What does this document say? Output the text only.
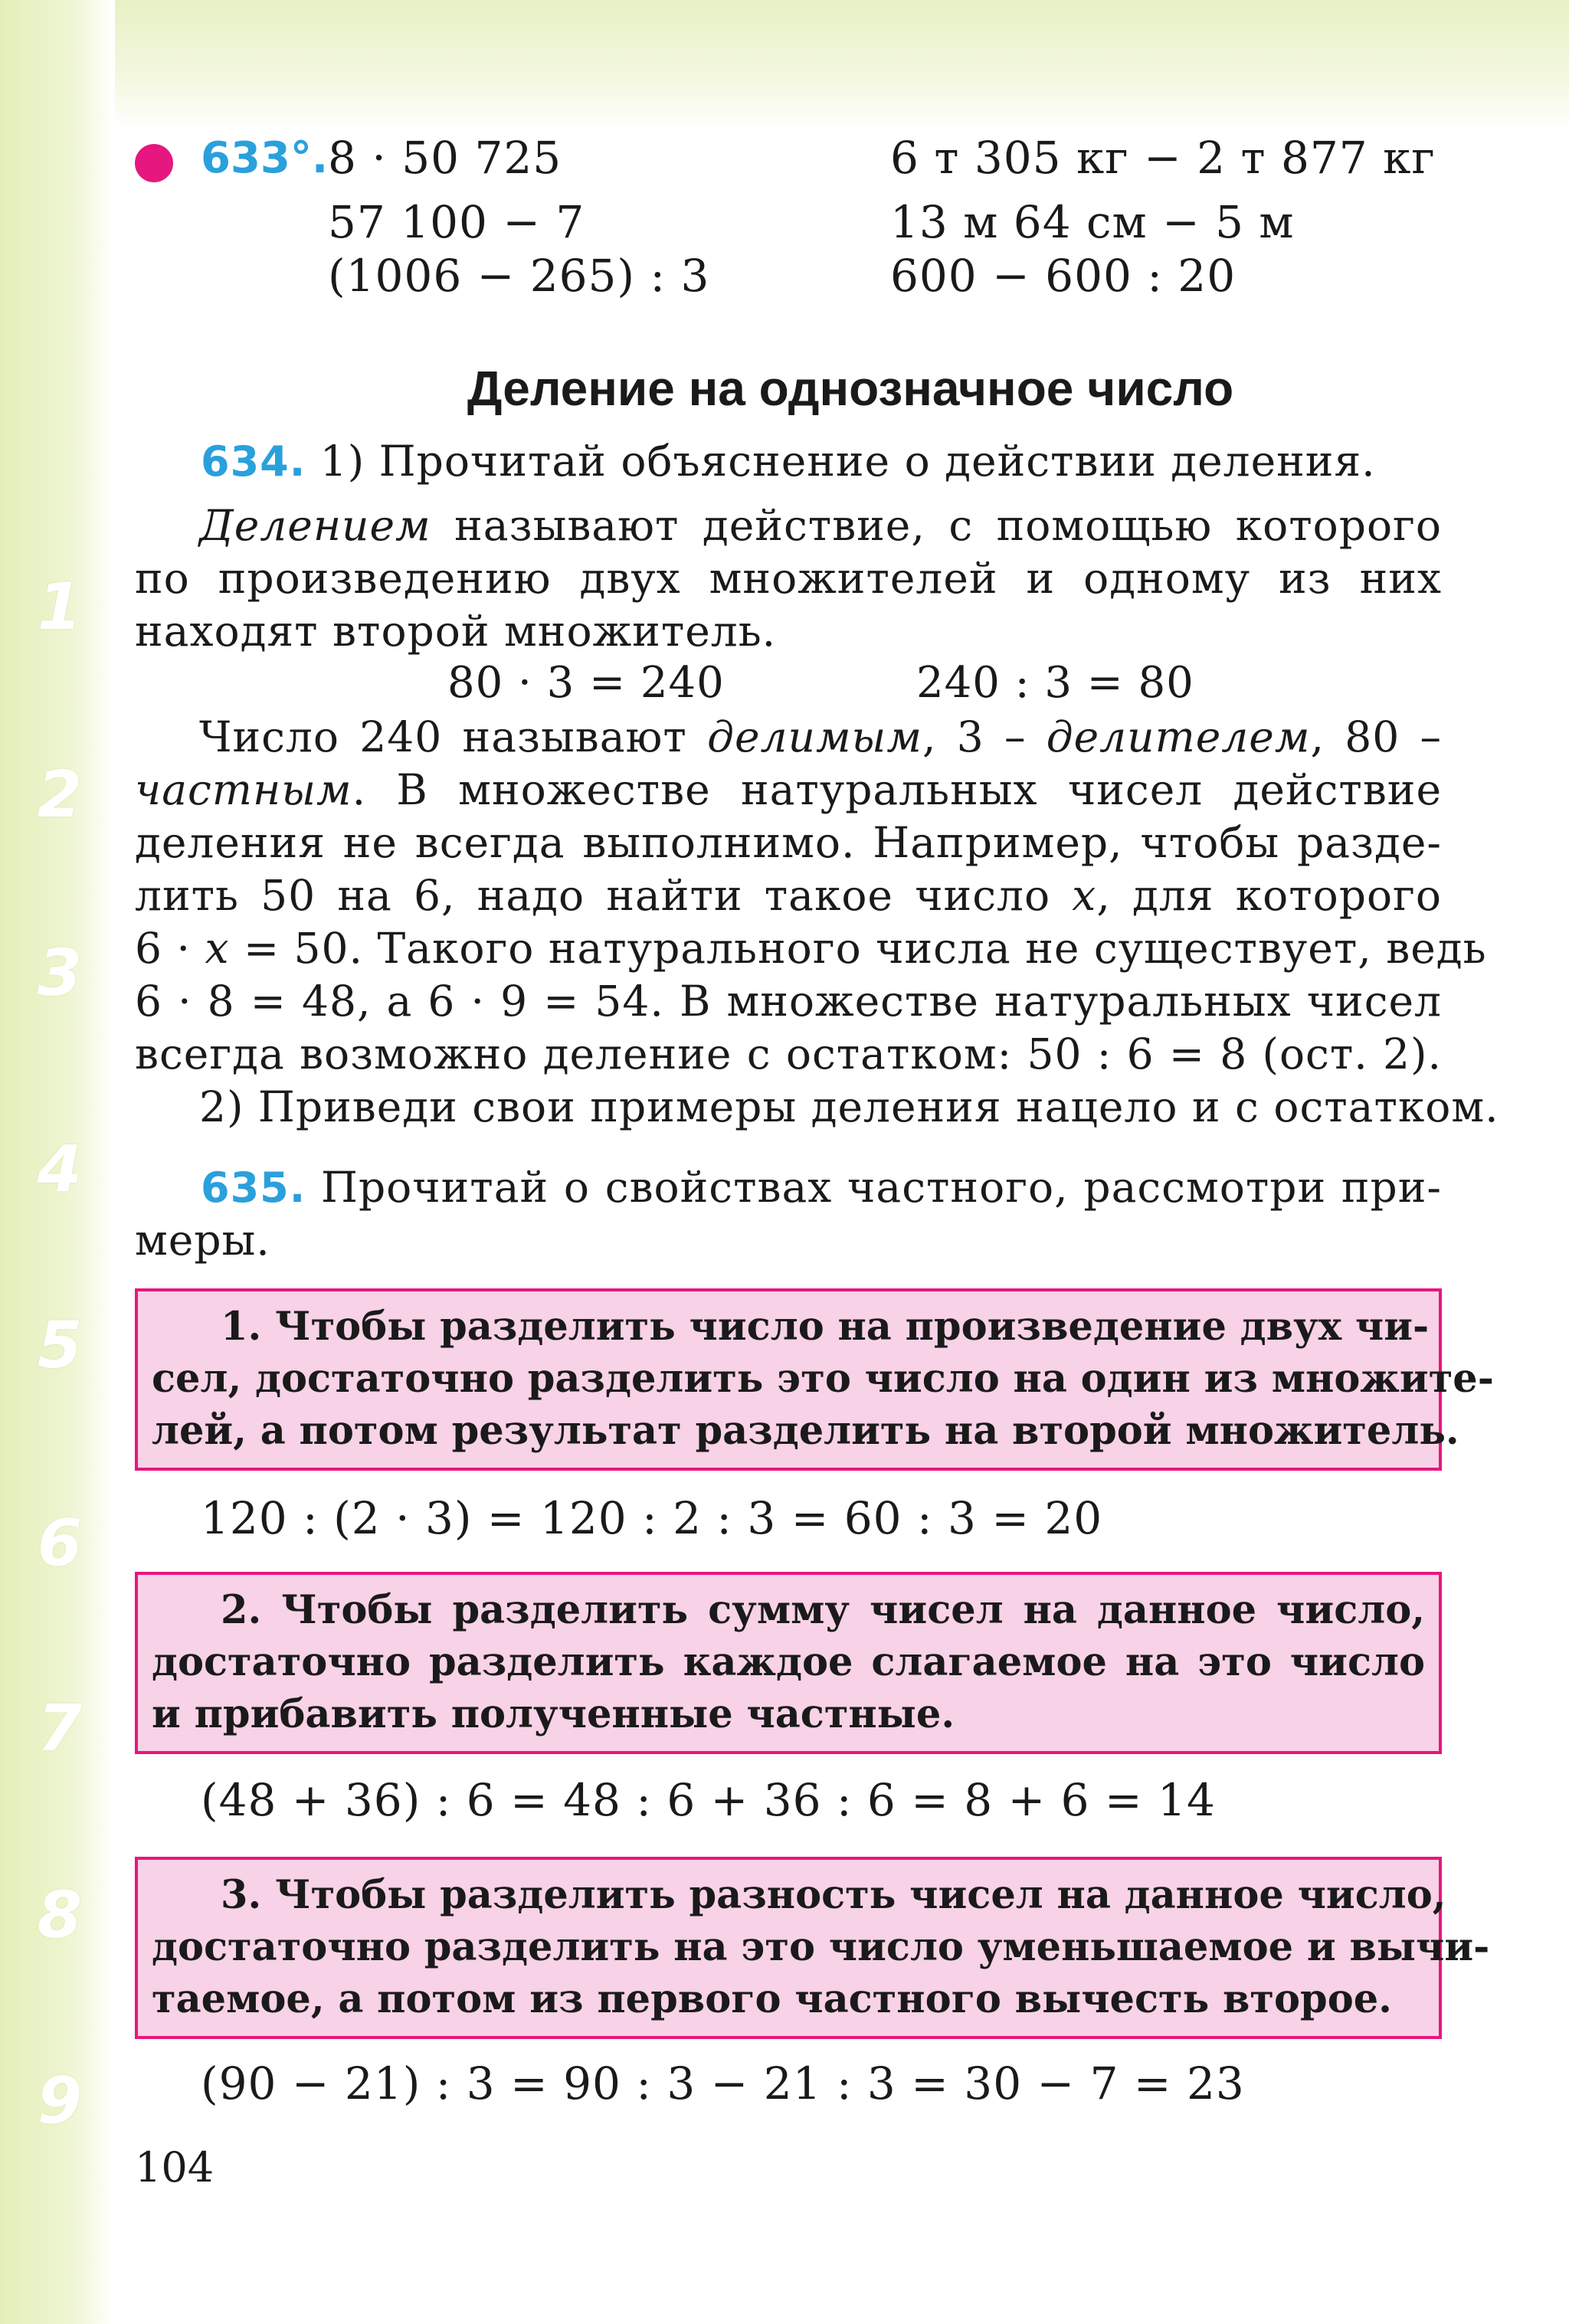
1
2
3
4
5
6
7
8
9
633°. 8 · 50 725
57 100 − 7
(1006 − 265) : 3
6 т 305 кг − 2 т 877 кг
13 м 64 см − 5 м
600 − 600 : 20
Деление на однозначное число
634. 1) Прочитай объяснение о действии деления.
Делением называют действие, с помощью которого
по произведению двух множителей и одному из них
находят второй множитель.
80 · 3 = 240	240 : 3 = 80
Число 240 называют делимым, 3 – делителем, 80 –
частным. В множестве натуральных чисел действие
деления не всегда выполнимо. Например, чтобы разде-
лить 50 на 6, надо найти такое число x, для которого
6 · x = 50. Такого натурального числа не существует, ведь
6 · 8 = 48, а 6 · 9 = 54. В множестве натуральных чисел
всегда возможно деление с остатком: 50 : 6 = 8 (ост. 2).
2) Приведи свои примеры деления нацело и с остатком.
635. Прочитай о свойствах частного, рассмотри при-
меры.
1. Чтобы разделить число на произведение двух чи-
сел, достаточно разделить это число на один из множите-
лей, а потом результат разделить на второй множитель.
120 : (2 · 3) = 120 : 2 : 3 = 60 : 3 = 20
2. Чтобы разделить сумму чисел на данное число,
достаточно разделить каждое слагаемое на это число
и прибавить полученные частные.
(48 + 36) : 6 = 48 : 6 + 36 : 6 = 8 + 6 = 14
3. Чтобы разделить разность чисел на данное число,
достаточно разделить на это число уменьшаемое и вычи-
таемое, а потом из первого частного вычесть второе.
(90 − 21) : 3 = 90 : 3 − 21 : 3 = 30 − 7 = 23
104
